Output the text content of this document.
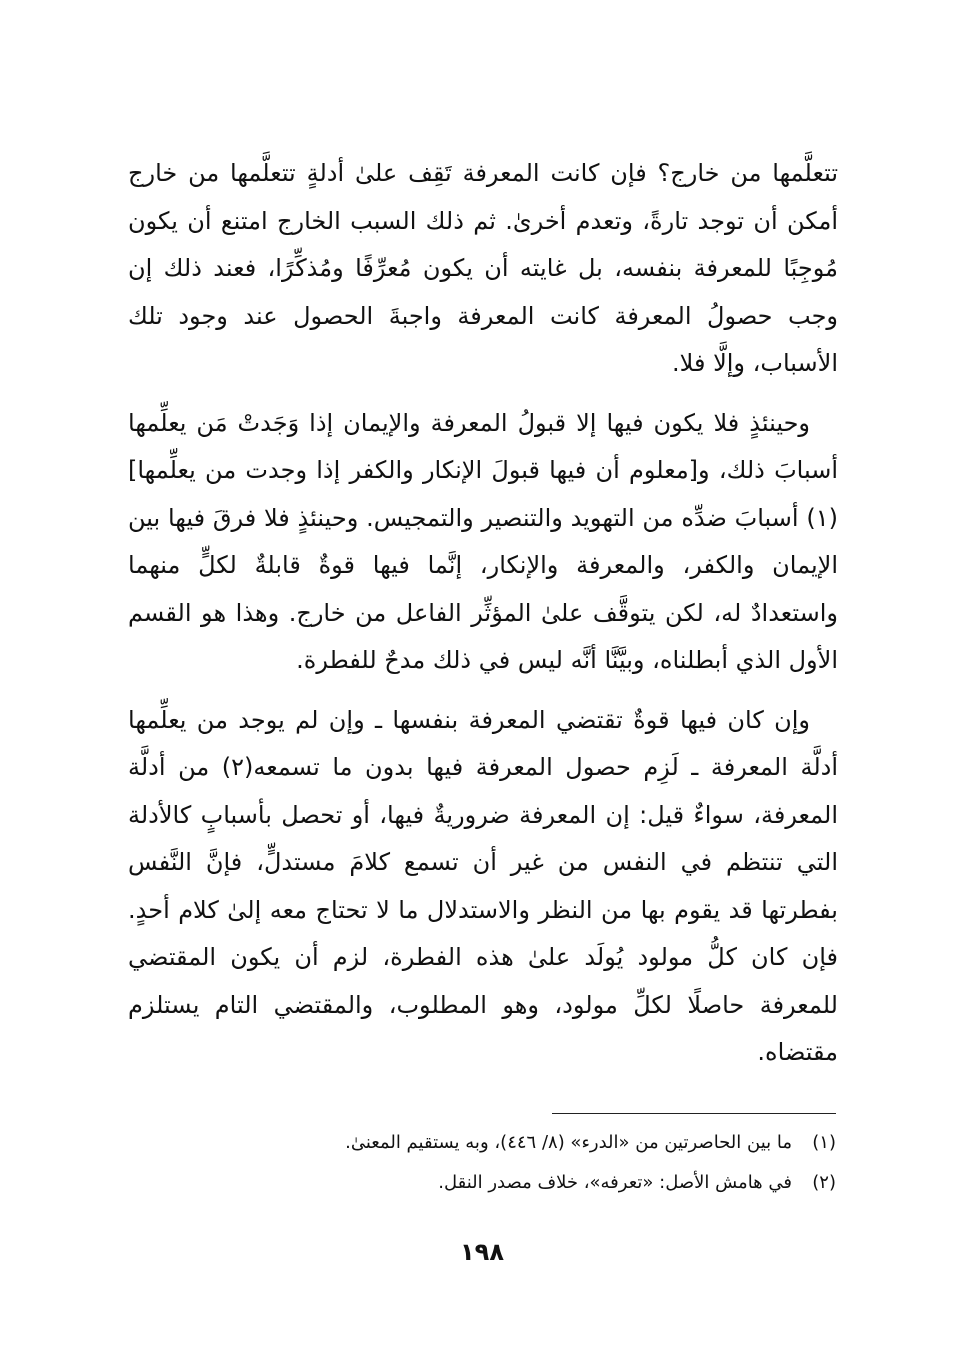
تتعلَّمها من خارج؟ فإن كانت المعرفة تَقِف علىٰ أدلةٍ تتعلَّمها من خارج أمكن أن توجد تارةً، وتعدم أخرىٰ. ثم ذلك السبب الخارج امتنع أن يكون مُوجِبًا للمعرفة بنفسه، بل غايته أن يكون مُعرِّفًا ومُذكِّرًا، فعند ذلك إن وجب حصولُ المعرفة كانت المعرفة واجبةَ الحصول عند وجود تلك الأسباب، وإلَّا فلا.

وحينئذٍ فلا يكون فيها إلا قبولُ المعرفة والإيمان إذا وَجَدتْ مَن يعلِّمها أسبابَ ذلك، و[معلوم أن فيها قبولَ الإنكار والكفر إذا وجدت من يعلِّمها](١) أسبابَ ضدِّه من التهويد والتنصير والتمجيس. وحينئذٍ فلا فرقَ فيها بين الإيمان والكفر، والمعرفة والإنكار، إنَّما فيها قوةٌ قابلةٌ لكلٍّ منهما واستعدادٌ له، لكن يتوقَّف علىٰ المؤثِّر الفاعل من خارج. وهذا هو القسم الأول الذي أبطلناه، وبيَّنَّا أنَّه ليس في ذلك مدحٌ للفطرة.

وإن كان فيها قوةٌ تقتضي المعرفة بنفسها ـ وإن لم يوجد من يعلِّمها أدلَّة المعرفة ـ لَزِم حصول المعرفة فيها بدون ما تسمعه(٢) من أدلَّة المعرفة، سواءٌ قيل: إن المعرفة ضروريةٌ فيها، أو تحصل بأسبابٍ كالأدلة التي تنتظم في النفس من غير أن تسمع كلامَ مستدلٍّ، فإنَّ النَّفس بفطرتها قد يقوم بها من النظر والاستدلال ما لا تحتاج معه إلىٰ كلام أحدٍ. فإن كان كلُّ مولود يُولَد علىٰ هذه الفطرة، لزم أن يكون المقتضي للمعرفة حاصلًا لكلِّ مولود، وهو المطلوب، والمقتضي التام يستلزم مقتضاه.

(١)
ما بين الحاصرتين من «الدرء» (٨/ ٤٤٦)، وبه يستقيم المعنىٰ.

(٢)
في هامش الأصل: «تعرفه»، خلاف مصدر النقل.

١٩٨
